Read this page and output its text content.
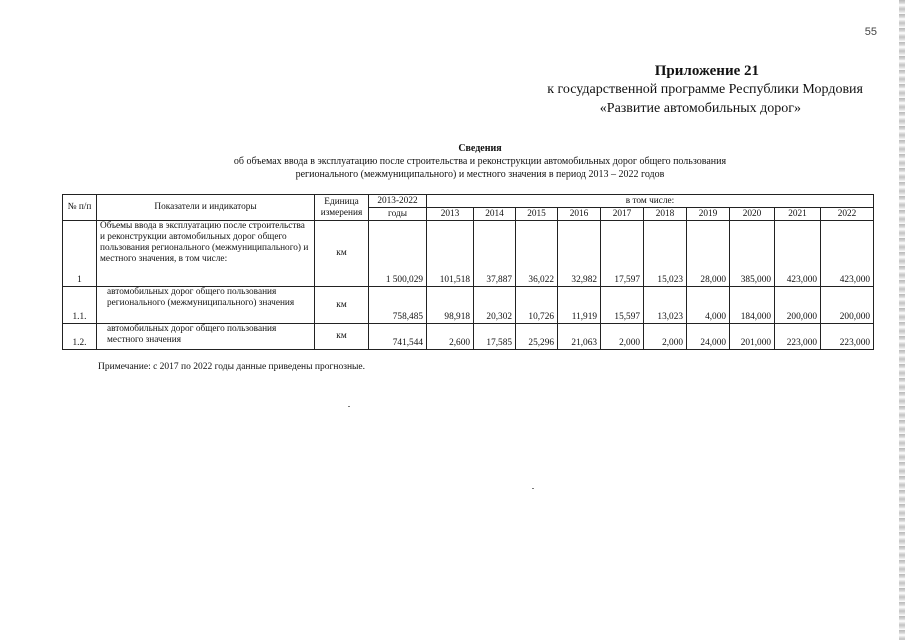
55
Приложение 21
к государственной программе Республики Мордовия
«Развитие автомобильных дорог»
Сведения
об объемах ввода в эксплуатацию после строительства и реконструкции автомобильных дорог общего пользования
регионального (межмуниципального) и местного значения в период 2013 – 2022 годов
№ п/п	Показатели и индикаторы	Единица измерения	2013-2022	в том числе:									
			годы	2013	2014	2015	2016	2017	2018	2019	2020	2021	2022
1	Объемы ввода в эксплуатацию после строительства и реконструкции автомобильных дорог общего пользования регионального (межмуниципального) и местного значения, в том числе:	км	1 500,029	101,518	37,887	36,022	32,982	17,597	15,023	28,000	385,000	423,000	423,000
1.1.	автомобильных дорог общего пользования регионального (межмуниципального) значения	км	758,485	98,918	20,302	10,726	11,919	15,597	13,023	4,000	184,000	200,000	200,000
1.2.	автомобильных дорог общего пользования местного значения	км	741,544	2,600	17,585	25,296	21,063	2,000	2,000	24,000	201,000	223,000	223,000
Примечание: с 2017 по 2022 годы данные приведены прогнозные.
